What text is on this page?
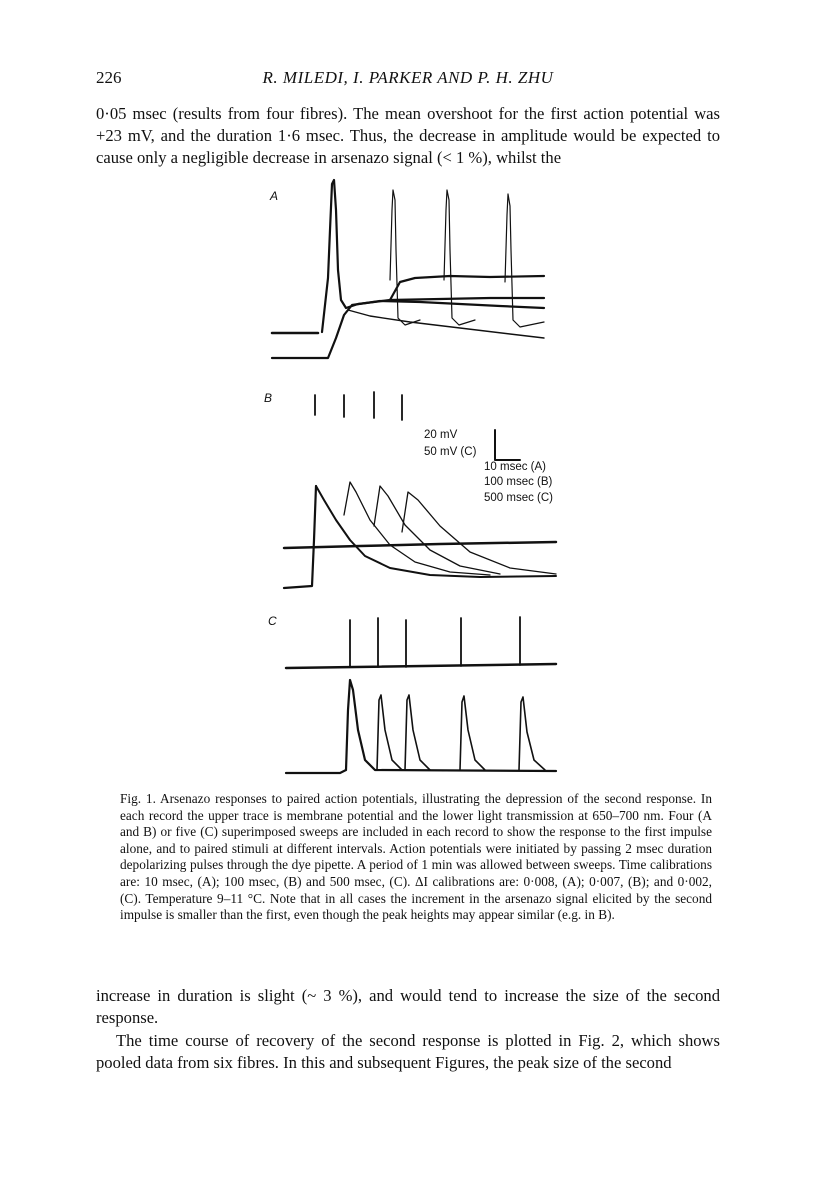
226	R. MILEDI, I. PARKER AND P. H. ZHU

0·05 msec (results from four fibres). The mean overshoot for the first action potential was +23 mV, and the duration 1·6 msec. Thus, the decrease in amplitude would be expected to cause only a negligible decrease in arsenazo signal (< 1 %), whilst the

A
B
C
20 mV
50 mV (C)
10 msec (A)
100 msec (B)
500 msec (C)

Fig. 1. Arsenazo responses to paired action potentials, illustrating the depression of the second response. In each record the upper trace is membrane potential and the lower light transmission at 650–700 nm. Four (A and B) or five (C) superimposed sweeps are included in each record to show the response to the first impulse alone, and to paired stimuli at different intervals. Action potentials were initiated by passing 2 msec duration depolarizing pulses through the dye pipette. A period of 1 min was allowed between sweeps. Time calibrations are: 10 msec, (A); 100 msec, (B) and 500 msec, (C). ΔI calibrations are: 0·008, (A); 0·007, (B); and 0·002, (C). Temperature 9–11 °C. Note that in all cases the increment in the arsenazo signal elicited by the second impulse is smaller than the first, even though the peak heights may appear similar (e.g. in B).

increase in duration is slight (~ 3 %), and would tend to increase the size of the second response.

The time course of recovery of the second response is plotted in Fig. 2, which shows pooled data from six fibres. In this and subsequent Figures, the peak size of the second
